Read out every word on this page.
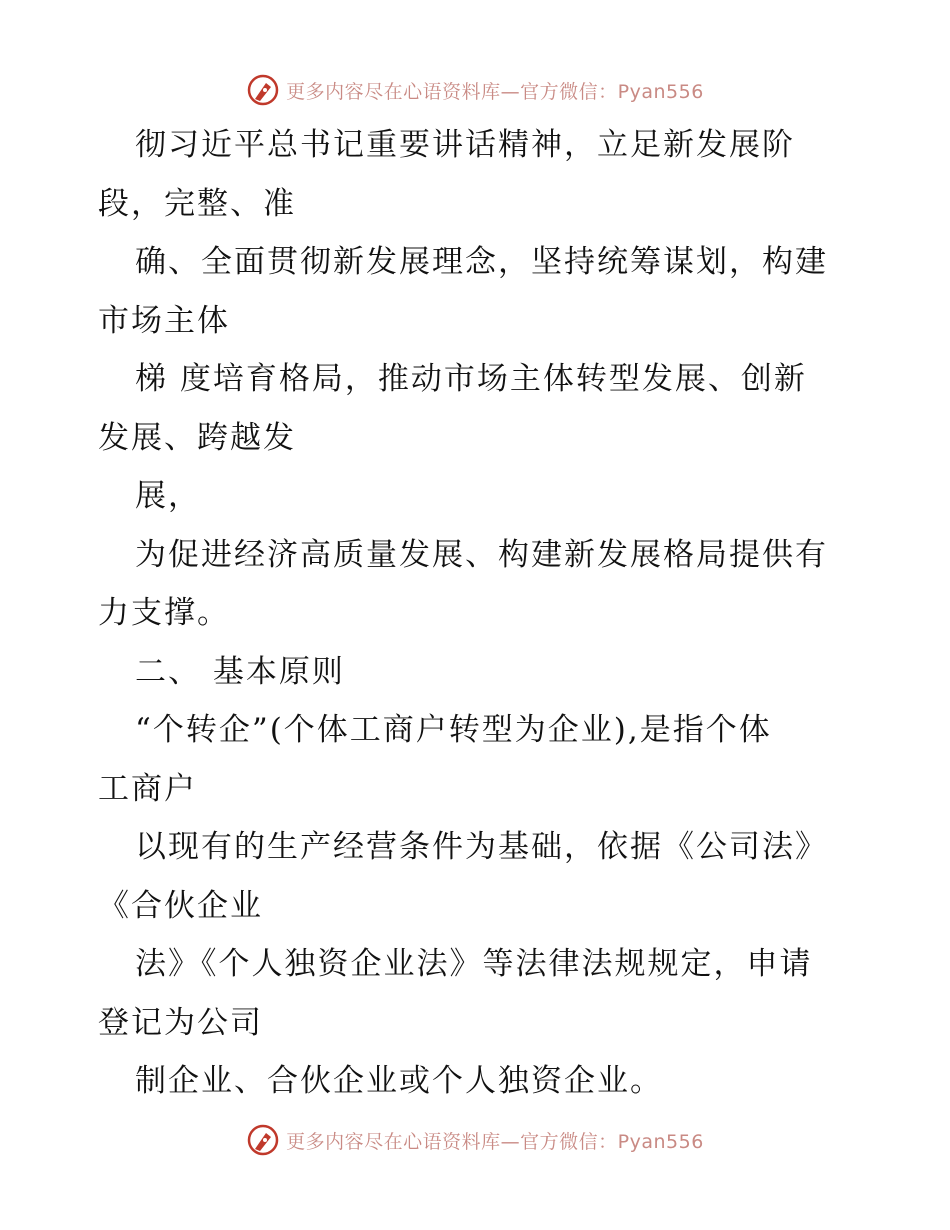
更多内容尽在心语资料库—官方微信：Pyan556
彻习近平总书记重要讲话精神，立足新发展阶
段，完整、准
确、全面贯彻新发展理念，坚持统筹谋划，构建
市场主体
梯 度培育格局，推动市场主体转型发展、创新
发展、跨越发
展，
为促进经济高质量发展、构建新发展格局提供有
力支撑。
二、 基本原则
“个转企”(个体工商户转型为企业),是指个体
工商户
以现有的生产经营条件为基础，依据《公司法》
《合伙企业
法》《个人独资企业法》等法律法规规定，申请
登记为公司
制企业、合伙企业或个人独资企业。
更多内容尽在心语资料库—官方微信：Pyan556
